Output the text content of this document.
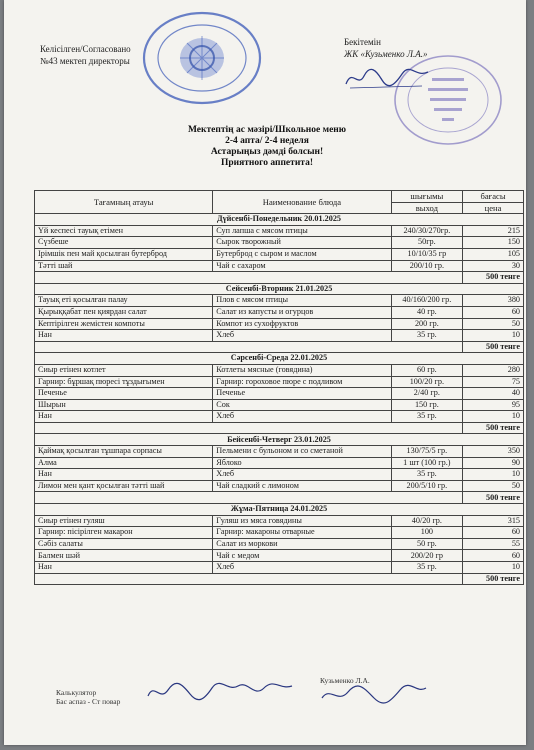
Келісілген/Согласовано
№43 мектеп директоры
Бекітемін
ЖК «Кузьменко Л.А.»
Мектептің ас мәзірі/Школьное меню
2-4 апта/ 2-4 неделя
Астарыңыз дәмді болсын!
Приятного аппетита!
Тағамның атауы	Наименование блюда	шығымы	бағасы
		выход	цена
Дүйсенбі-Понедельник 20.01.2025			
Үй кеспесі тауық етімен	Суп лапша с мясом птицы	240/30/270гр.	215
Сүзбеше	Сырок творожный	50гр.	150
Ірімшік пен май қосылған бутерброд	Бутерброд с сыром и маслом	10/10/35 гр	105
Тәтті шай	Чай с сахаром	200/10 гр.	30
			500 тенге
Сейсенбі-Вторник 21.01.2025			
Тауық еті қосылған палау	Плов с мясом птицы	40/160/200 гр.	380
Қырыққабат пен қиярдан салат	Салат из капусты и огурцов	40 гр.	60
Кептірілген жемістен компоты	Компот из сухофруктов	200 гр.	50
Нан	Хлеб	35 гр.	10
			500 тенге
Сәрсенбі-Среда 22.01.2025			
Сиыр етінен котлет	Котлеты мясные (говядина)	60 гр.	280
Гарнир: бұршақ пюресі тұздығымен	Гарнир: гороховое пюре с подливом	100/20 гр.	75
Печенье	Печенье	2/40 гр.	40
Шырын	Сок	150 гр.	95
Нан	Хлеб	35 гр.	10
			500 тенге
Бейсенбі-Четверг 23.01.2025			
Қаймақ қосылған тұшпара сорпасы	Пельмени с бульоном и со сметаной	130/75/5 гр.	350
Алма	Яблоко	1 шт (100 гр.)	90
Нан	Хлеб	35 гр.	10
Лимон мен қант қосылған тәтті шай	Чай сладкий с лимоном	200/5/10 гр.	50
			500 тенге
Жұма-Пятница 24.01.2025			
Сиыр етінен гуляш	Гуляш из мяса говядины	40/20 гр.	315
Гарнир: пісірілген макарон	Гарнир: макароны отварные	100	60
Сәбіз салаты	Салат из моркови	50 гр.	55
Балмен шәй	Чай с медом	200/20 гр	60
Нан	Хлеб	35 гр.	10
			500 тенге
Калькулятор
Бас аспаз - Ст повар
Кузьменко Л.А.
